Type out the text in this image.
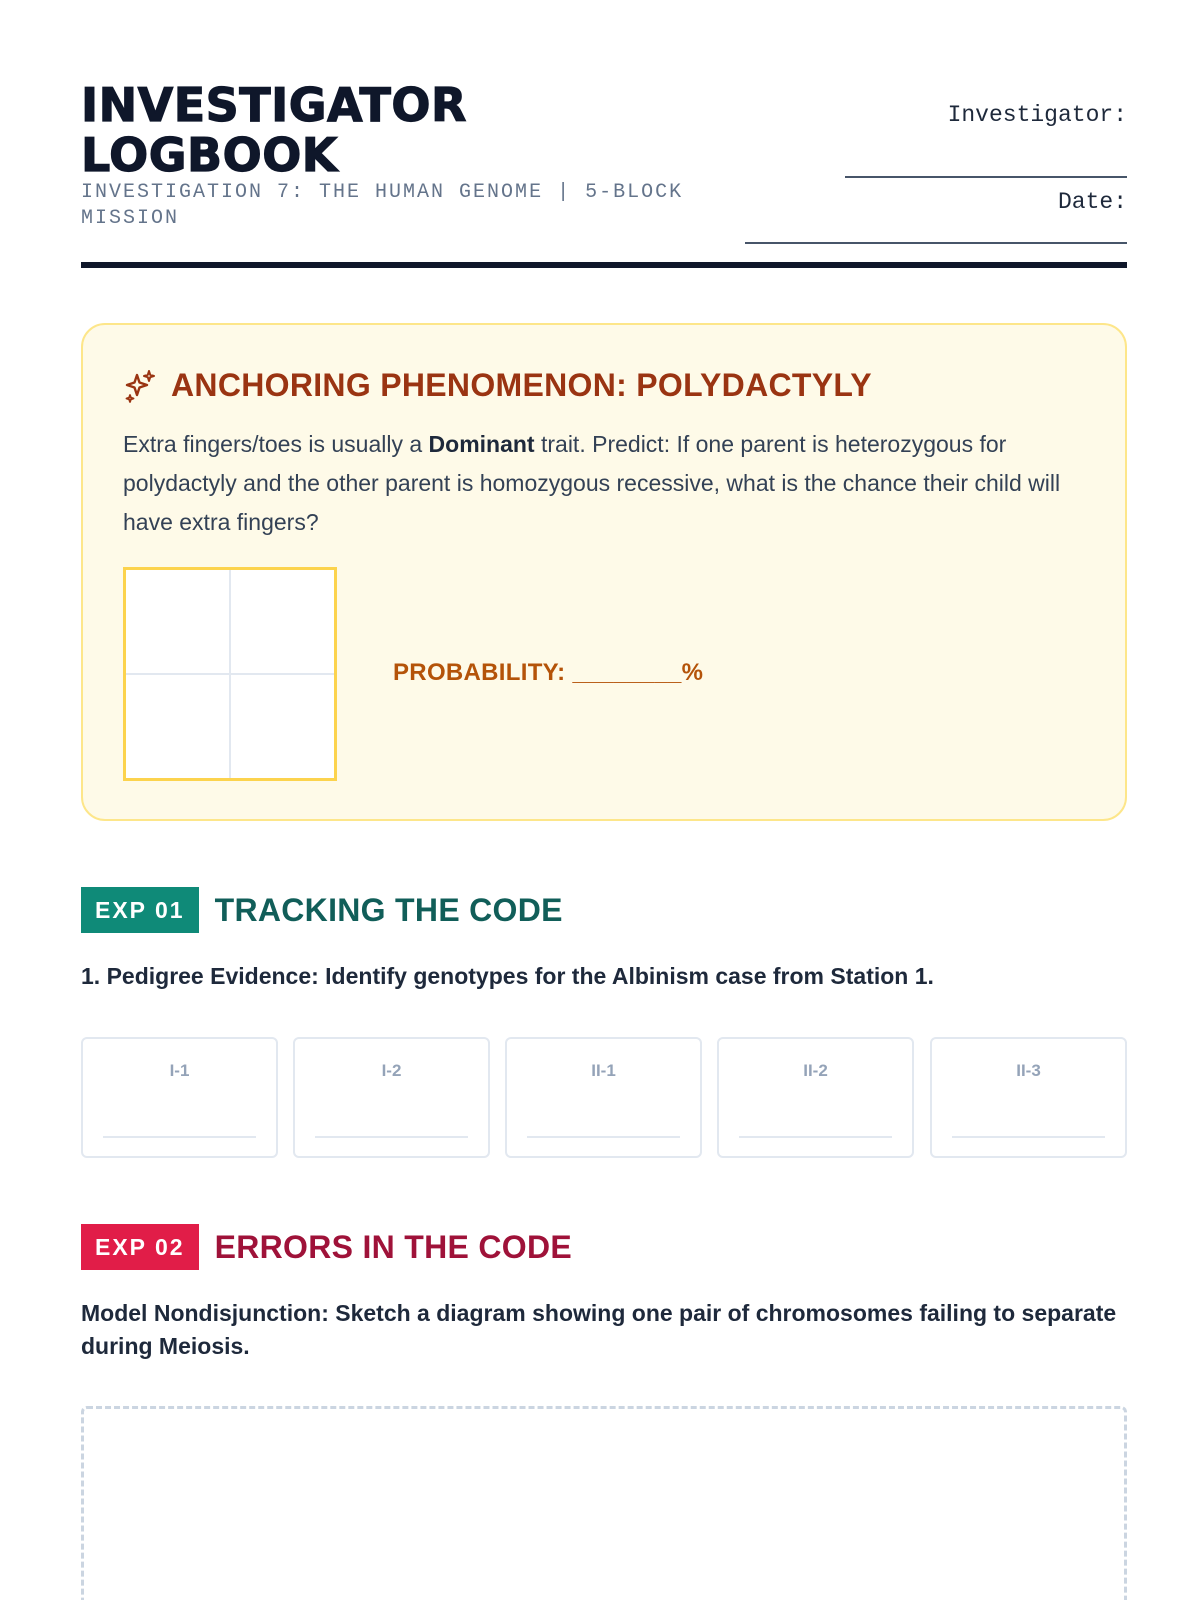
INVESTIGATOR LOGBOOK
INVESTIGATION 7: THE HUMAN GENOME | 5-BLOCK MISSION
Investigator:
Date:
ANCHORING PHENOMENON: POLYDACTYLY
Extra fingers/toes is usually a Dominant trait. Predict: If one parent is heterozygous for polydactyly and the other parent is homozygous recessive, what is the chance their child will have extra fingers?
PROBABILITY: ________%
EXP 01 TRACKING THE CODE
1. Pedigree Evidence: Identify genotypes for the Albinism case from Station 1.
I-1	I-2	II-1	II-2	II-3
EXP 02 ERRORS IN THE CODE
Model Nondisjunction: Sketch a diagram showing one pair of chromosomes failing to separate during Meiosis.
